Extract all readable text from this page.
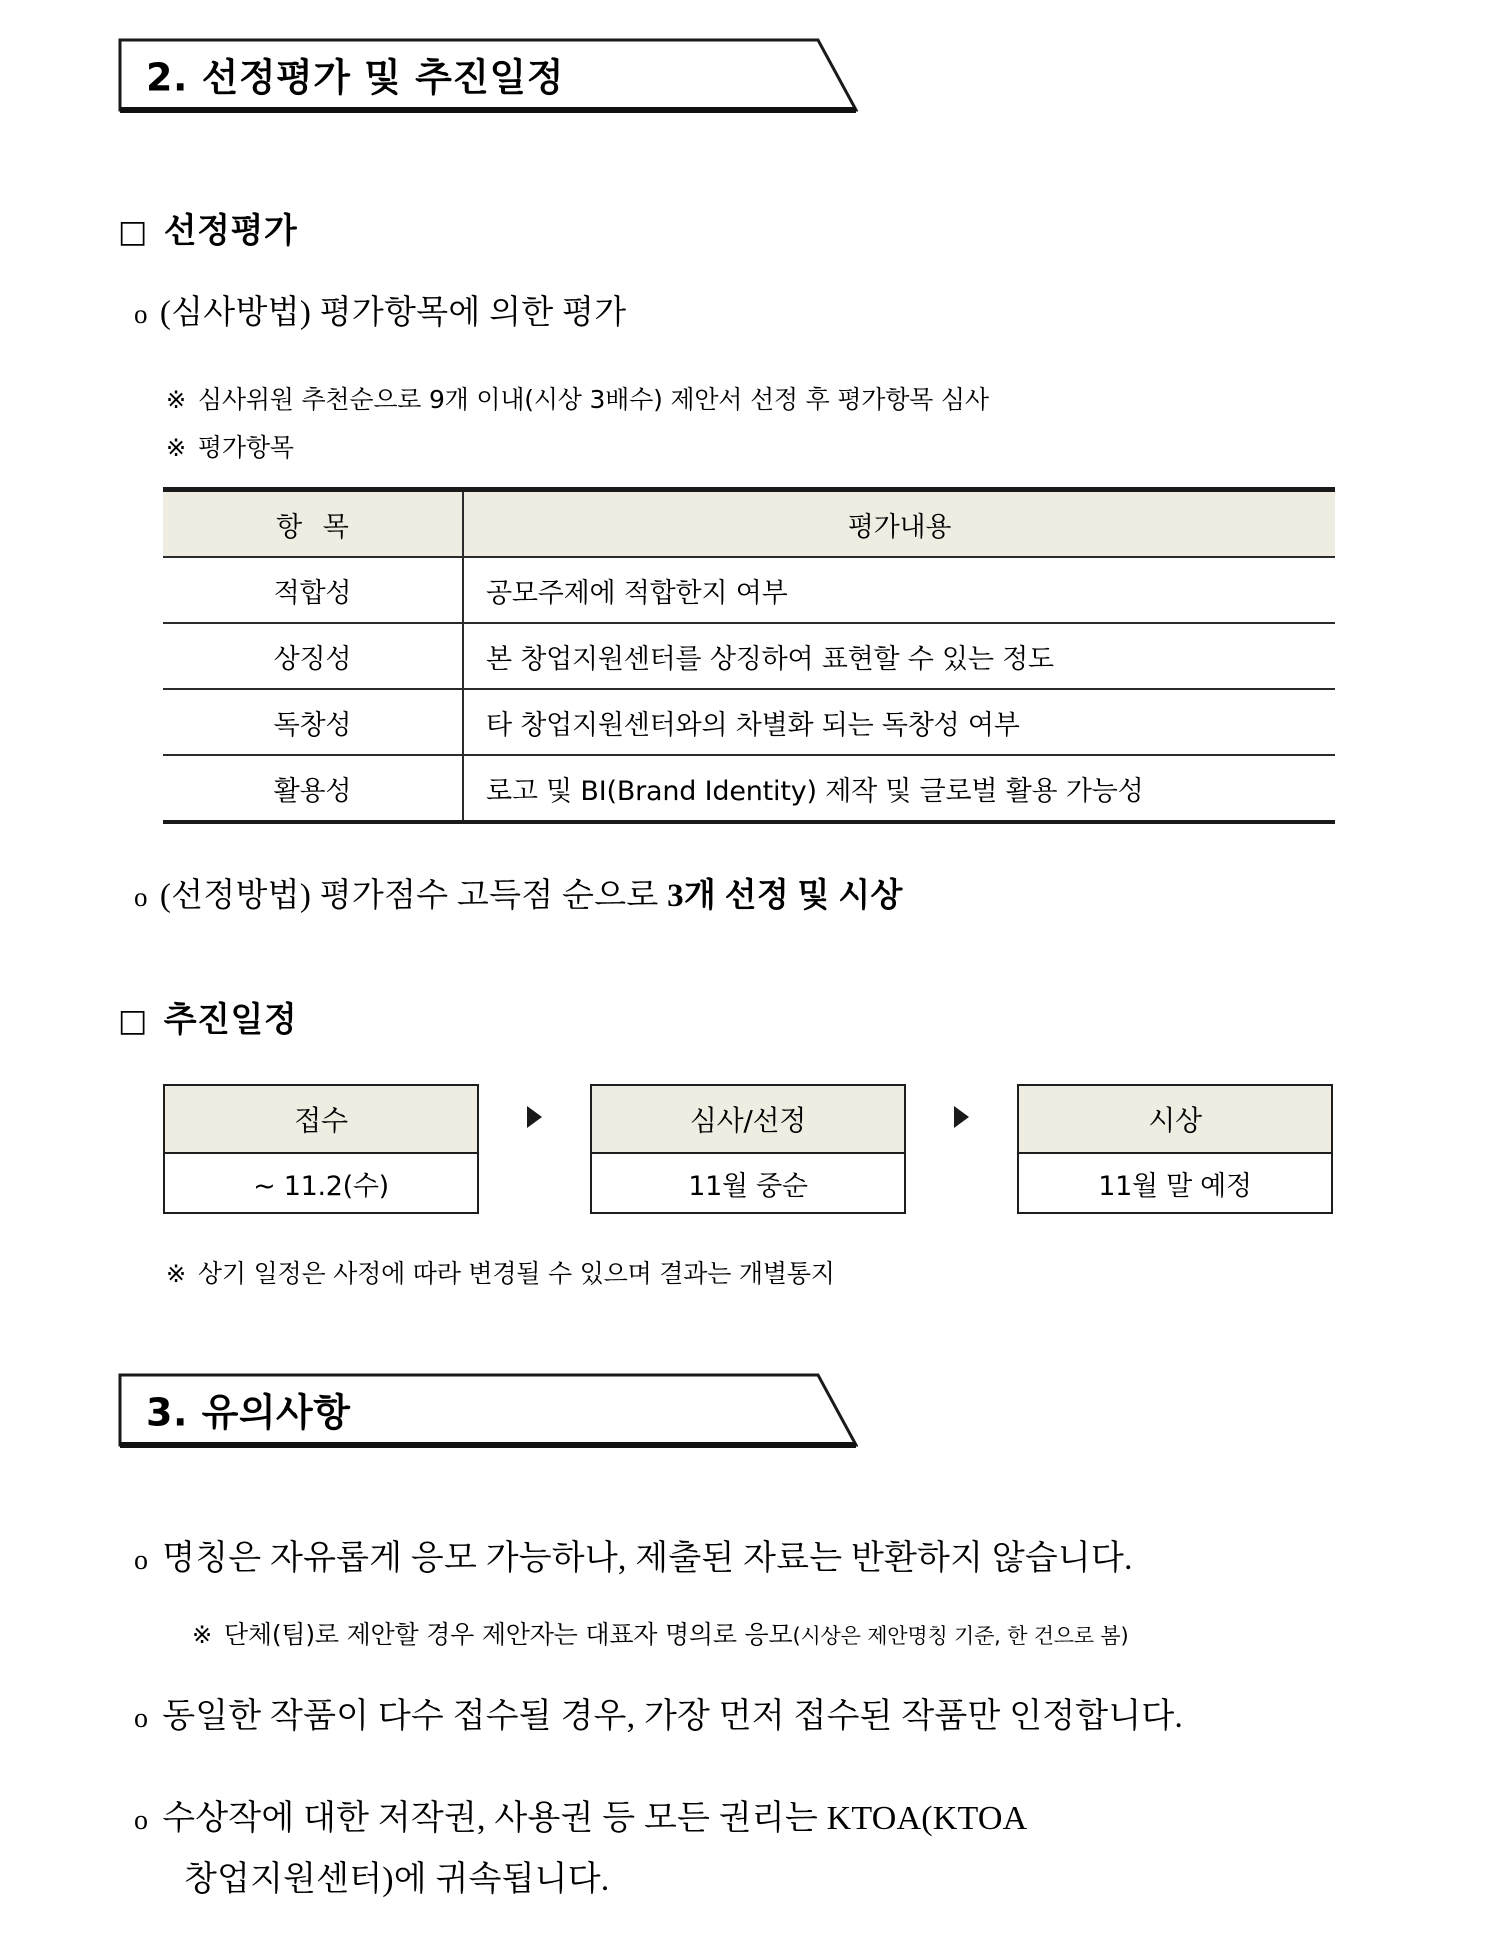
2. 선정평가 및 추진일정
□ 선정평가
o (심사방법) 평가항목에 의한 평가
※ 심사위원 추천순으로 9개 이내(시상 3배수) 제안서 선정 후 평가항목 심사
※ 평가항목
항 목	평가내용
적합성	공모주제에 적합한지 여부
상징성	본 창업지원센터를 상징하여 표현할 수 있는 정도
독창성	타 창업지원센터와의 차별화 되는 독창성 여부
활용성	로고 및 BI(Brand Identity) 제작 및 글로벌 활용 가능성
o (선정방법) 평가점수 고득점 순으로 3개 선정 및 시상
□ 추진일정
접수
~ 11.2(수)
심사/선정
11월 중순
시상
11월 말 예정
※ 상기 일정은 사정에 따라 변경될 수 있으며 결과는 개별통지
3. 유의사항
o 명칭은 자유롭게 응모 가능하나, 제출된 자료는 반환하지 않습니다.
※ 단체(팀)로 제안할 경우 제안자는 대표자 명의로 응모(시상은 제안명칭 기준, 한 건으로 봄)
o 동일한 작품이 다수 접수될 경우, 가장 먼저 접수된 작품만 인정합니다.
o 수상작에 대한 저작권, 사용권 등 모든 권리는 KTOA(KTOA
창업지원센터)에 귀속됩니다.
